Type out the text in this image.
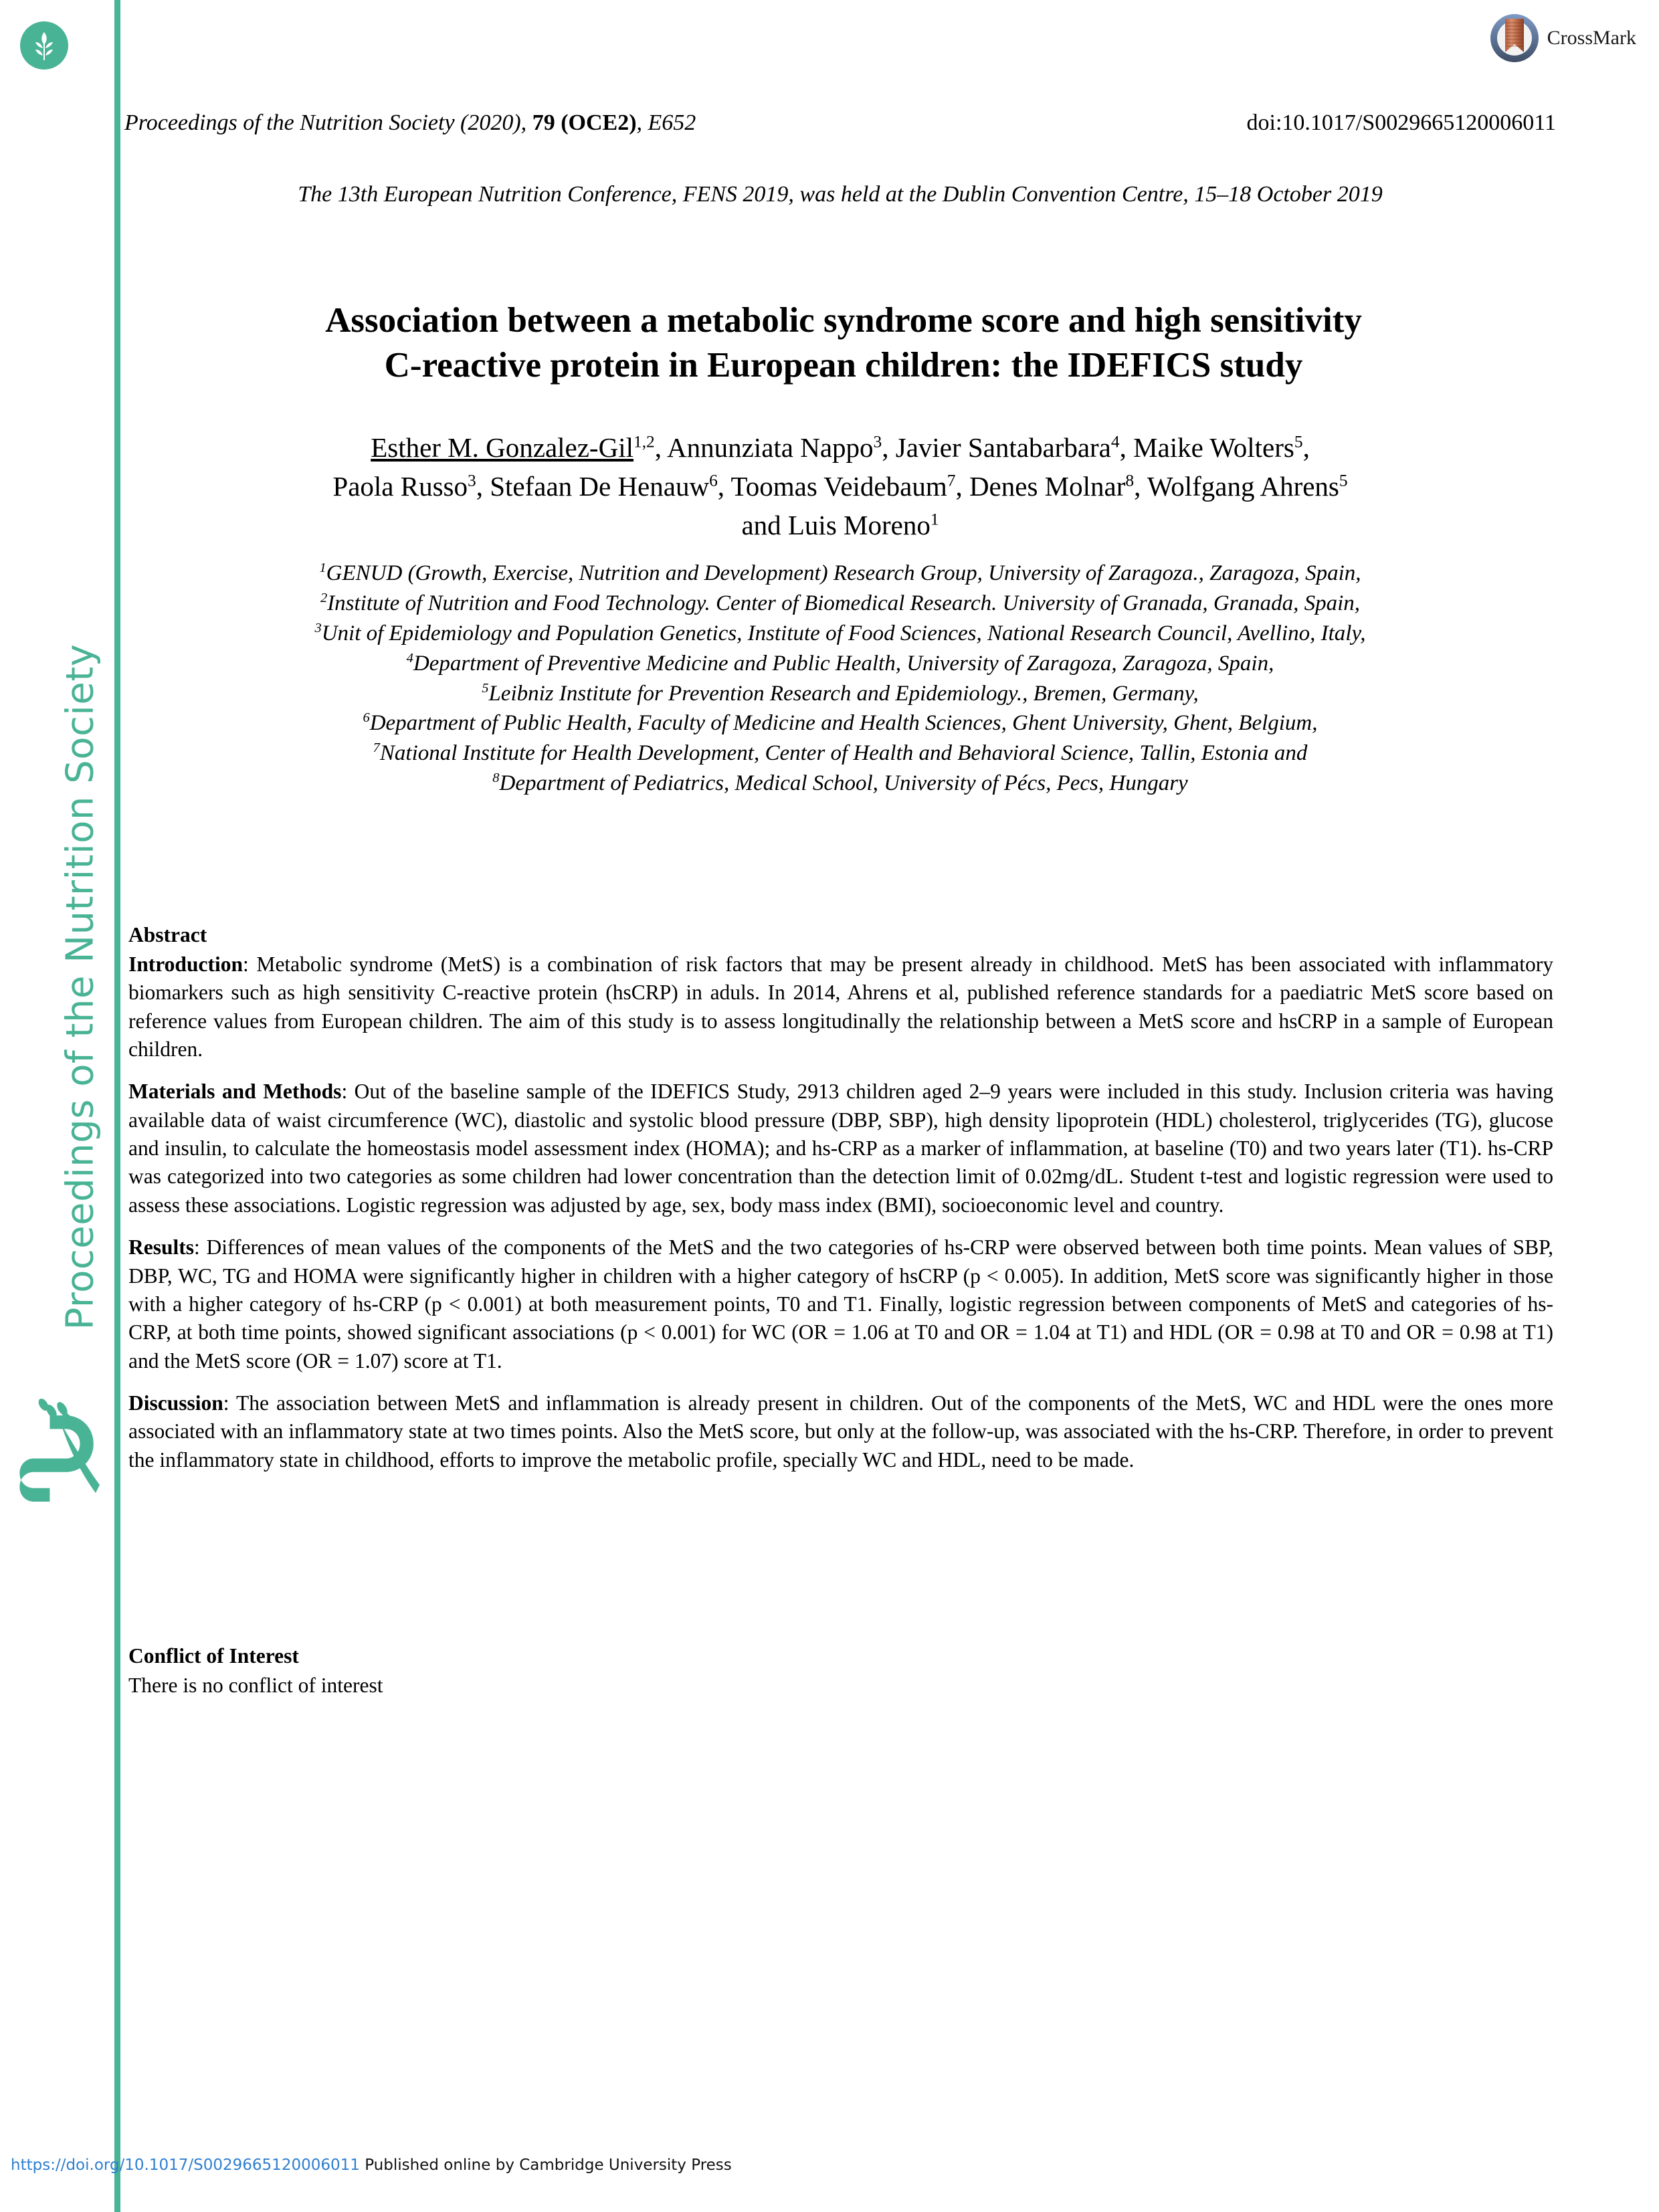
Proceedings of the Nutrition Society
CrossMark
Proceedings of the Nutrition Society (2020), 79 (OCE2), E652	doi:10.1017/S0029665120006011
The 13th European Nutrition Conference, FENS 2019, was held at the Dublin Convention Centre, 15–18 October 2019
Association between a metabolic syndrome score and high sensitivity
C-reactive protein in European children: the IDEFICS study
Esther M. Gonzalez-Gil$^{1,2}$, Annunziata Nappo$^3$, Javier Santabarbara$^4$, Maike Wolters$^5$,
Paola Russo$^3$, Stefaan De Henauw$^6$, Toomas Veidebaum$^7$, Denes Molnar$^8$, Wolfgang Ahrens$^5$
and Luis Moreno$^1$
$^1$GENUD (Growth, Exercise, Nutrition and Development) Research Group, University of Zaragoza., Zaragoza, Spain,
$^2$Institute of Nutrition and Food Technology. Center of Biomedical Research. University of Granada, Granada, Spain,
$^3$Unit of Epidemiology and Population Genetics, Institute of Food Sciences, National Research Council, Avellino, Italy,
$^4$Department of Preventive Medicine and Public Health, University of Zaragoza, Zaragoza, Spain,
$^5$Leibniz Institute for Prevention Research and Epidemiology., Bremen, Germany,
$^6$Department of Public Health, Faculty of Medicine and Health Sciences, Ghent University, Ghent, Belgium,
$^7$National Institute for Health Development, Center of Health and Behavioral Science, Tallin, Estonia and
$^8$Department of Pediatrics, Medical School, University of Pécs, Pecs, Hungary
Abstract

Introduction: Metabolic syndrome (MetS) is a combination of risk factors that may be present already in childhood. MetS has been associated with inflammatory biomarkers such as high sensitivity C-reactive protein (hsCRP) in aduls. In 2014, Ahrens et al, published reference standards for a paediatric MetS score based on reference values from European children. The aim of this study is to assess longitudinally the relationship between a MetS score and hsCRP in a sample of European children.

Materials and Methods: Out of the baseline sample of the IDEFICS Study, 2913 children aged 2–9 years were included in this study. Inclusion criteria was having available data of waist circumference (WC), diastolic and systolic blood pressure (DBP, SBP), high density lipoprotein (HDL) cholesterol, triglycerides (TG), glucose and insulin, to calculate the homeostasis model assessment index (HOMA); and hs-CRP as a marker of inflammation, at baseline (T0) and two years later (T1). hs-CRP was categorized into two categories as some children had lower concentration than the detection limit of 0.02mg/dL. Student t-test and logistic regression were used to assess these associations. Logistic regression was adjusted by age, sex, body mass index (BMI), socioeconomic level and country.

Results: Differences of mean values of the components of the MetS and the two categories of hs-CRP were observed between both time points. Mean values of SBP, DBP, WC, TG and HOMA were significantly higher in children with a higher category of hsCRP (p < 0.005). In addition, MetS score was significantly higher in those with a higher category of hs-CRP (p < 0.001) at both measurement points, T0 and T1. Finally, logistic regression between components of MetS and categories of hs-CRP, at both time points, showed significant associations (p < 0.001) for WC (OR = 1.06 at T0 and OR = 1.04 at T1) and HDL (OR = 0.98 at T0 and OR = 0.98 at T1) and the MetS score (OR = 1.07) score at T1.

Discussion: The association between MetS and inflammation is already present in children. Out of the components of the MetS, WC and HDL were the ones more associated with an inflammatory state at two times points. Also the MetS score, but only at the follow-up, was associated with the hs-CRP. Therefore, in order to prevent the inflammatory state in childhood, efforts to improve the metabolic profile, specially WC and HDL, need to be made.

Conflict of Interest

There is no conflict of interest

https://doi.org/10.1017/S0029665120006011 Published online by Cambridge University Press
